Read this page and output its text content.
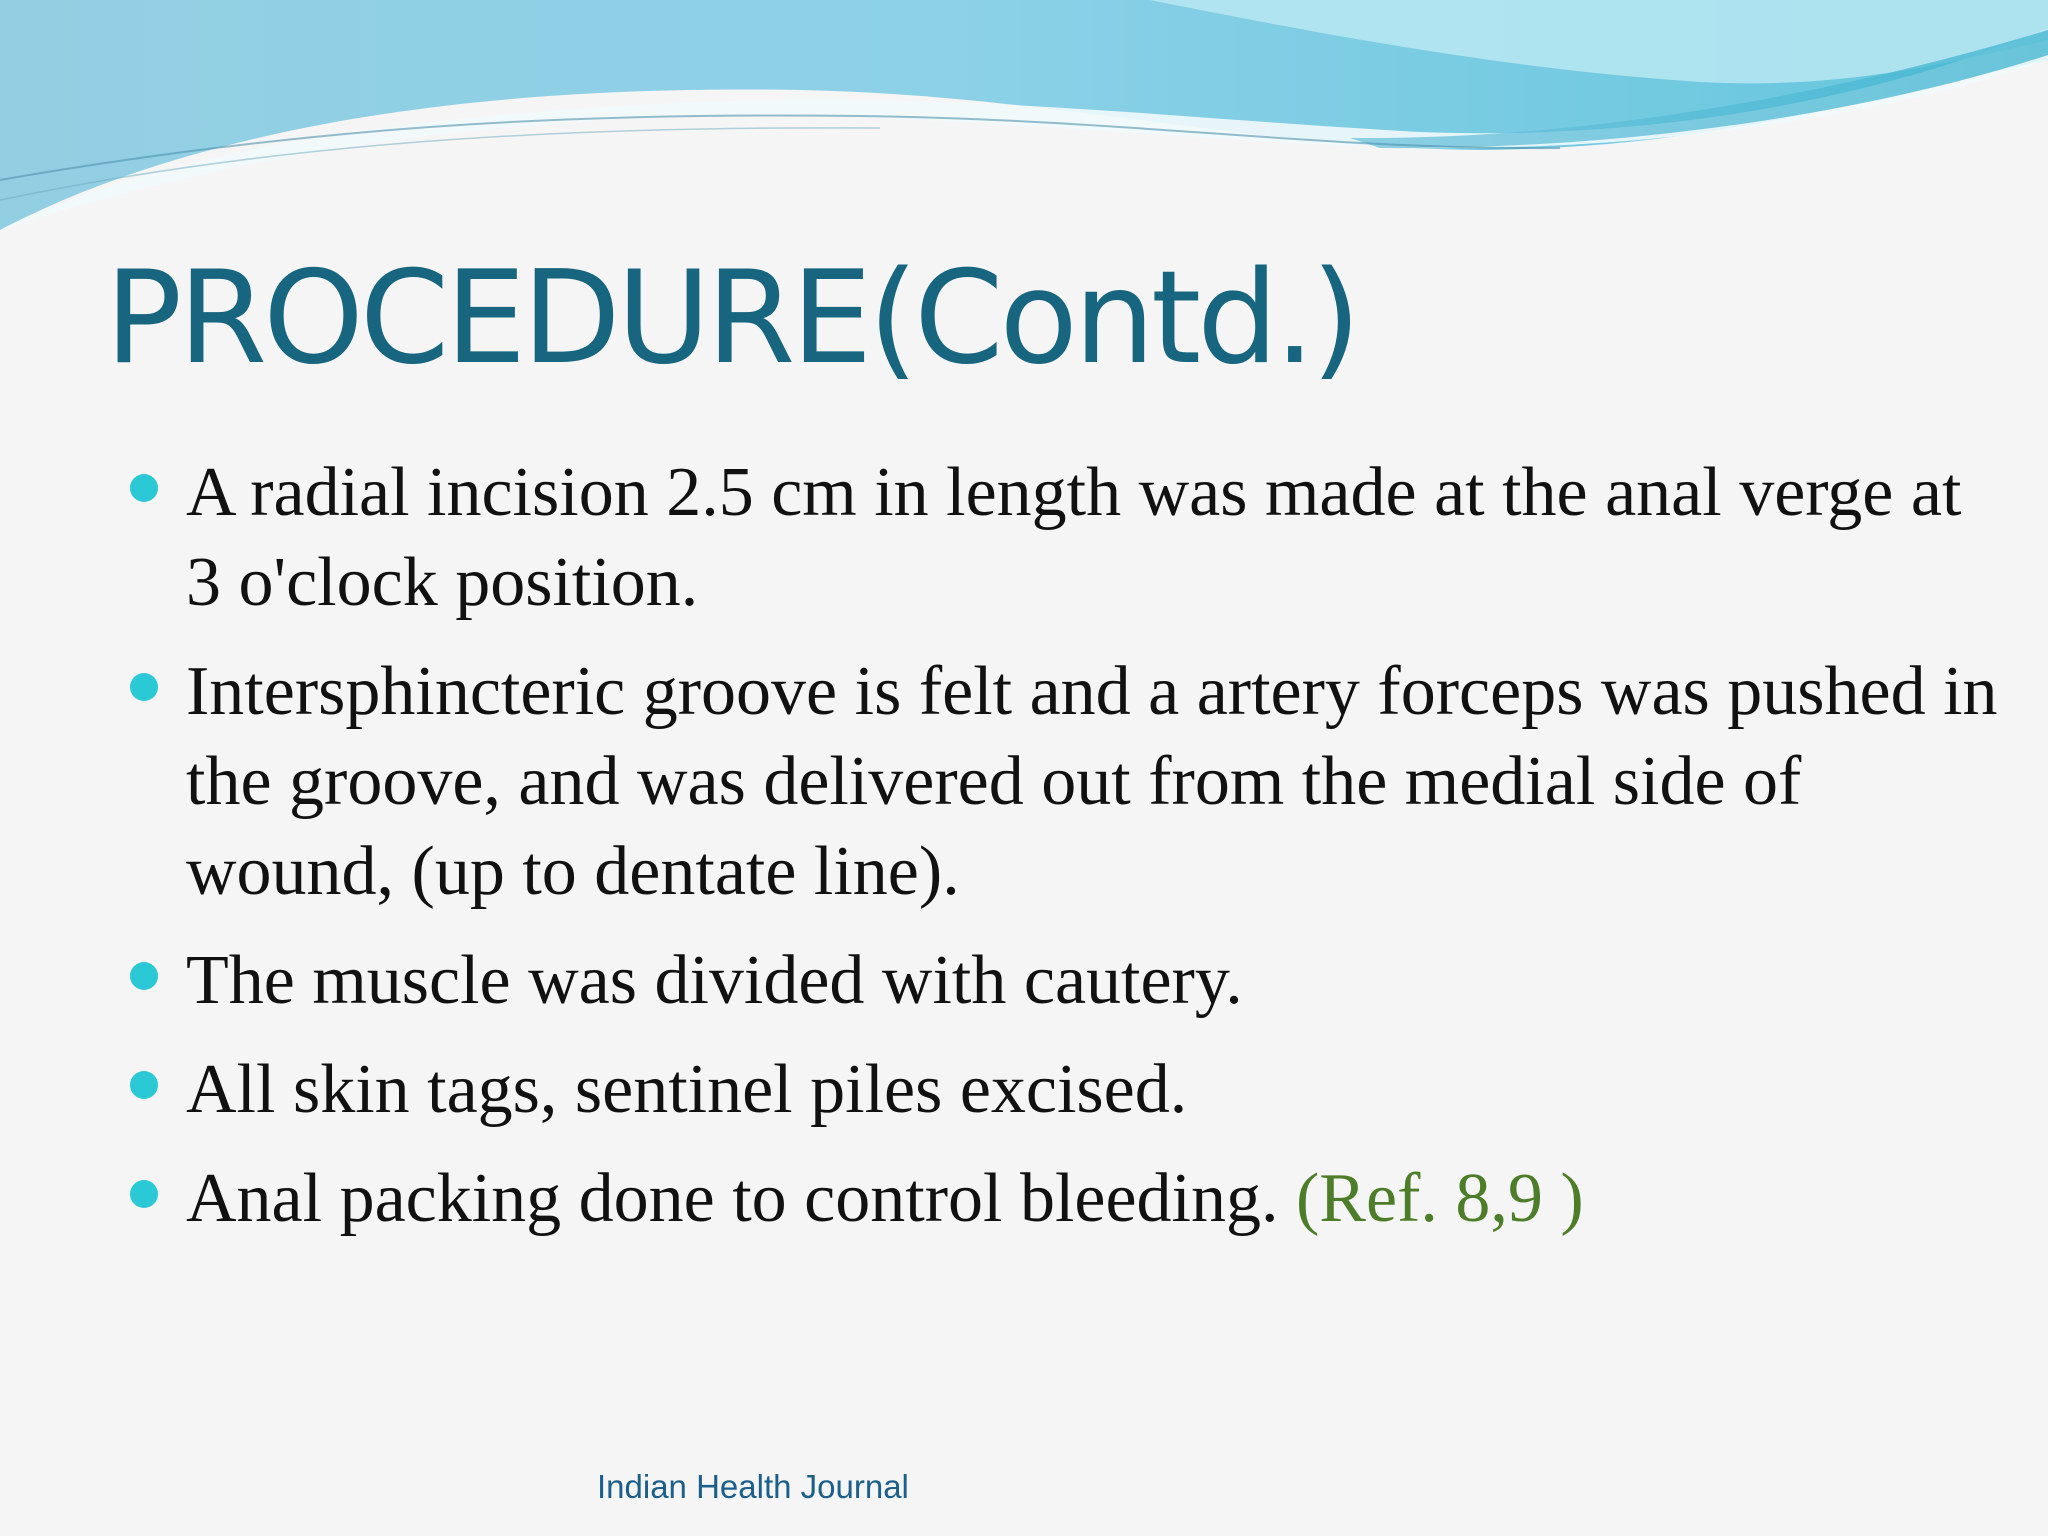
PROCEDURE(Contd.)
A radial incision 2.5 cm in length was made at the anal verge at 3 o'clock position.
Intersphincteric groove is felt and a artery forceps was pushed in the groove, and was delivered out from the medial side of wound, (up to dentate line).
The muscle was divided with cautery.
All skin tags, sentinel piles excised.
Anal packing done to control bleeding. (Ref. 8,9 )
Indian Health Journal
